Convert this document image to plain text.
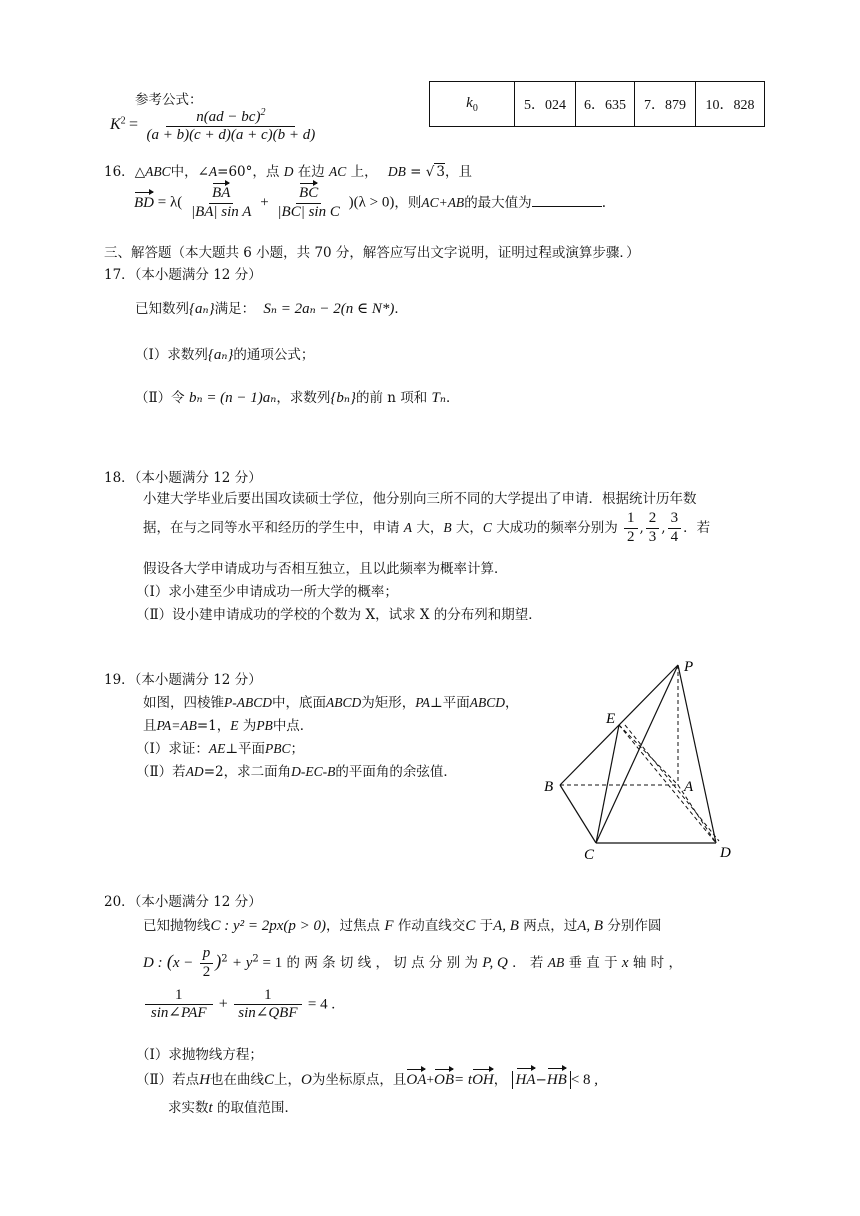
参考公式：
$K^2 = \frac{n(ad - bc)^2}{(a + b)(c + d)(a + c)(b + d)}$
$k_0$	5．024	6．635	7．879	10．828
16．△ABC中，∠A=60°，点 D 在边 AC 上， DB = √ 3，且
BD = $\lambda( \frac{BA}{\text{|BA| sin A}} + \frac{BC}{\text{|BC| sin C}} )(\lambda > 0)$，则AC+AB的最大值为	.
三、解答题（本大题共 6 小题，共 70 分，解答应写出文字说明，证明过程或演算步骤．）
17．（本小题满分 12 分）
已知数列{aₙ}满足： Sₙ = 2aₙ − 2(n ∈ N*)．
（Ⅰ）求数列{aₙ}的通项公式；
（Ⅱ）令 bₙ = (n − 1)aₙ，求数列{bₙ}的前 n 项和 Tₙ．
18．（本小题满分 12 分）
小建大学毕业后要出国攻读硕士学位，他分别向三所不同的大学提出了申请．根据统计历年数
据，在与之同等水平和经历的学生中，申请 A 大，B 大，C 大成功的频率分别为 $\frac{1}{2}$ , $\frac{2}{3}$ , $\frac{3}{4}$ ．若
假设各大学申请成功与否相互独立，且以此频率为概率计算．
（Ⅰ）求小建至少申请成功一所大学的概率；
（Ⅱ）设小建申请成功的学校的个数为 X，试求 X 的分布列和期望．
19．（本小题满分 12 分）
如图，四棱锥P-ABCD中，底面ABCD为矩形，PA⊥平面ABCD，
且PA=AB=1，E 为PB中点．
（Ⅰ）求证：AE⊥平面PBC；
（Ⅱ）若AD=2，求二面角D-EC-B的平面角的余弦值．
P
E
B	A
C	D
20．（本小题满分 12 分）
已知抛物线C : y² = 2px(p > 0)，过焦点 F 作动直线交C 于A, B 两点，过A, B 分别作圆
D : $(x - \frac{p}{2} )^2 + y^2 = 1$ 的 两 条 切 线 ， 切 点 分 别 为 P, Q ． 若 AB 垂 直 于 x 轴 时 ，
$\frac{1}{\text{sin∠PAF}} + \frac{1}{\text{sin∠QBF}} = 4$ .
（Ⅰ）求抛物线方程；
（Ⅱ）若点H也在曲线C上，O为坐标原点，且OA+OB= tOH， HA−HB < 8 ,
求实数t 的取值范围．
